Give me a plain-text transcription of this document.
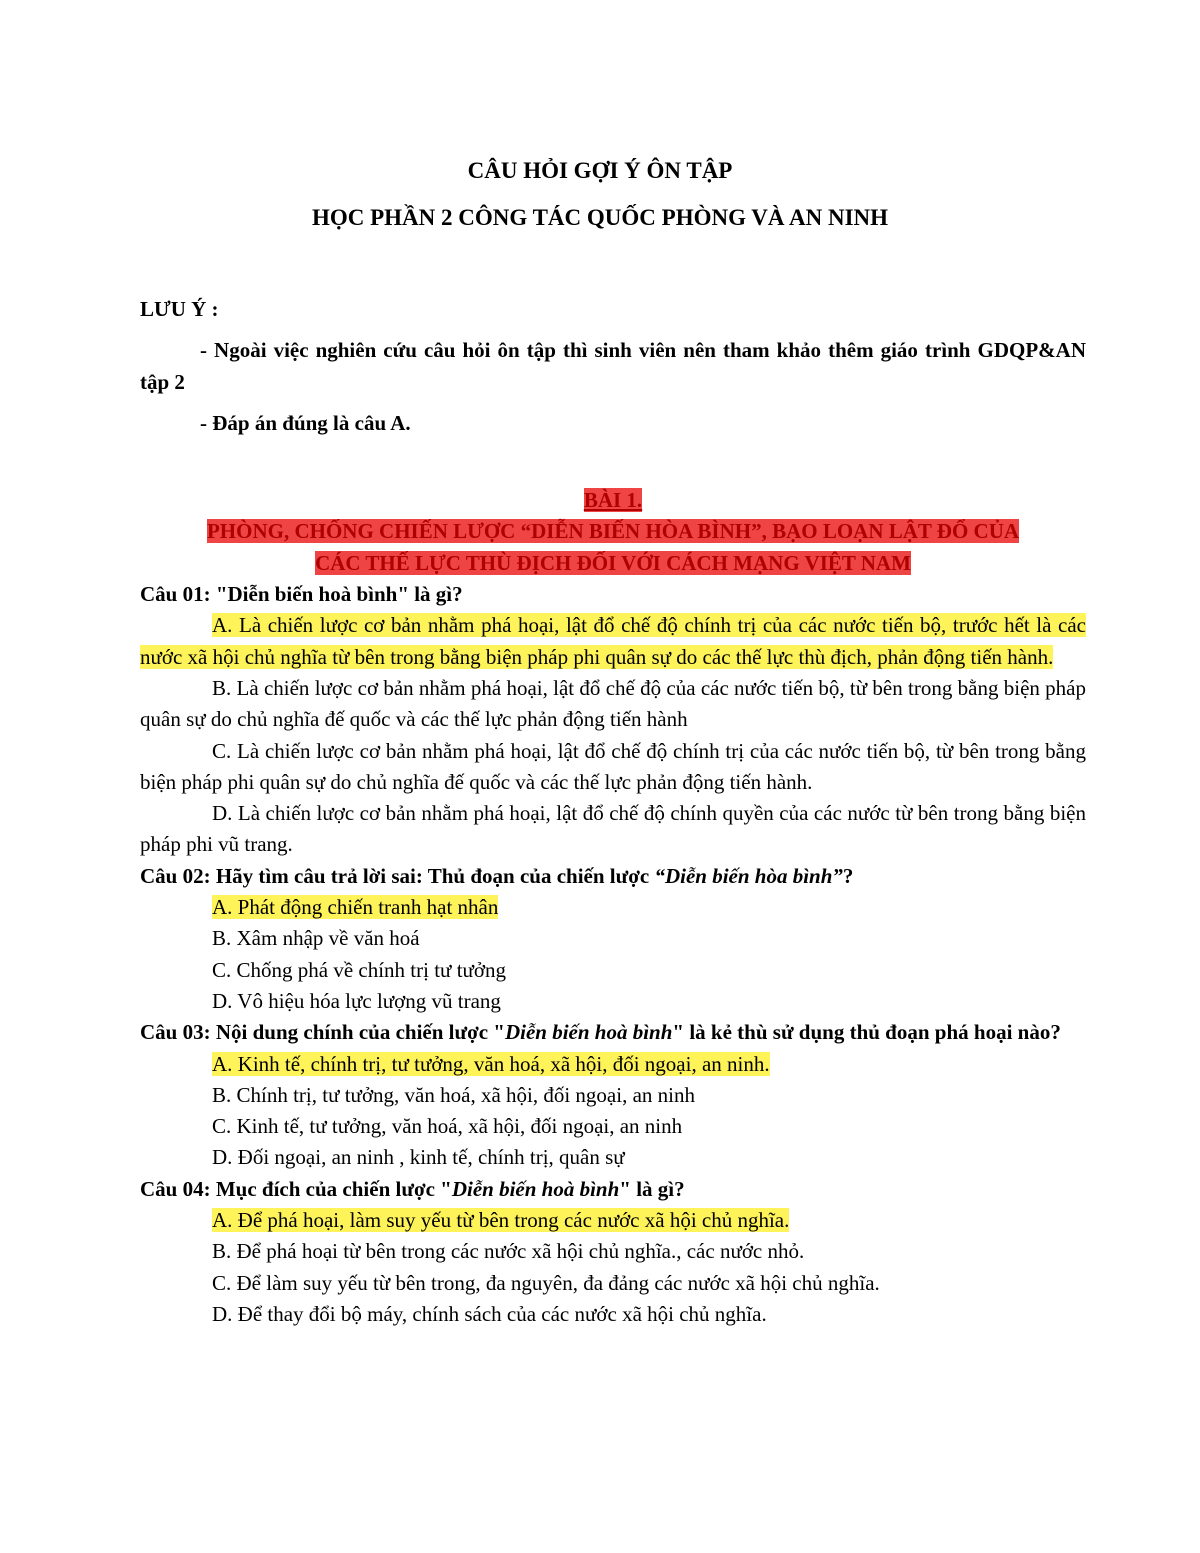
CÂU HỎI GỢI Ý ÔN TẬP
HỌC PHẦN 2 CÔNG TÁC QUỐC PHÒNG VÀ AN NINH

LƯU Ý :

- Ngoài việc nghiên cứu câu hỏi ôn tập thì sinh viên nên tham khảo thêm giáo trình GDQP&AN tập 2

- Đáp án đúng là câu A.

BÀI 1.

PHÒNG, CHỐNG CHIẾN LƯỢC “DIỄN BIẾN HÒA BÌNH”, BẠO LOẠN LẬT ĐỔ CỦA

CÁC THẾ LỰC THÙ ĐỊCH ĐỐI VỚI CÁCH MẠNG VIỆT NAM

Câu 01: "Diễn biến hoà bình" là gì?

A. Là chiến lược cơ bản nhằm phá hoại, lật đổ chế độ chính trị của các nước tiến bộ, trước hết là các nước xã hội chủ nghĩa từ bên trong bằng biện pháp phi quân sự do các thế lực thù địch, phản động tiến hành.

B. Là chiến lược cơ bản nhằm phá hoại, lật đổ chế độ của các nước tiến bộ, từ bên trong bằng biện pháp quân sự do chủ nghĩa đế quốc và các thế lực phản động tiến hành

C. Là chiến lược cơ bản nhằm phá hoại, lật đổ chế độ chính trị của các nước tiến bộ, từ bên trong bằng biện pháp phi quân sự do chủ nghĩa đế quốc và các thế lực phản động tiến hành.

D. Là chiến lược cơ bản nhằm phá hoại, lật đổ chế độ chính quyền của các nước từ bên trong bằng biện pháp phi vũ trang.

Câu 02: Hãy tìm câu trả lời sai: Thủ đoạn của chiến lược “Diễn biến hòa bình”?

A. Phát động chiến tranh hạt nhân

B. Xâm nhập về văn hoá

C. Chống phá về chính trị tư tưởng

D. Vô hiệu hóa lực lượng vũ trang

Câu 03: Nội dung chính của chiến lược "Diễn biến hoà bình" là kẻ thù sử dụng thủ đoạn phá hoại nào?

A. Kinh tế, chính trị, tư tưởng, văn hoá, xã hội, đối ngoại, an ninh.

B. Chính trị, tư tưởng, văn hoá, xã hội, đối ngoại, an ninh

C. Kinh tế, tư tưởng, văn hoá, xã hội, đối ngoại, an ninh

D. Đối ngoại, an ninh , kinh tế, chính trị, quân sự

Câu 04: Mục đích của chiến lược "Diễn biến hoà bình" là gì?

A. Để phá hoại, làm suy yếu từ bên trong các nước xã hội chủ nghĩa.

B. Để phá hoại từ bên trong các nước xã hội chủ nghĩa., các nước nhỏ.

C. Để làm suy yếu từ bên trong, đa nguyên, đa đảng các nước xã hội chủ nghĩa.

D. Để thay đổi bộ máy, chính sách của các nước xã hội chủ nghĩa.
